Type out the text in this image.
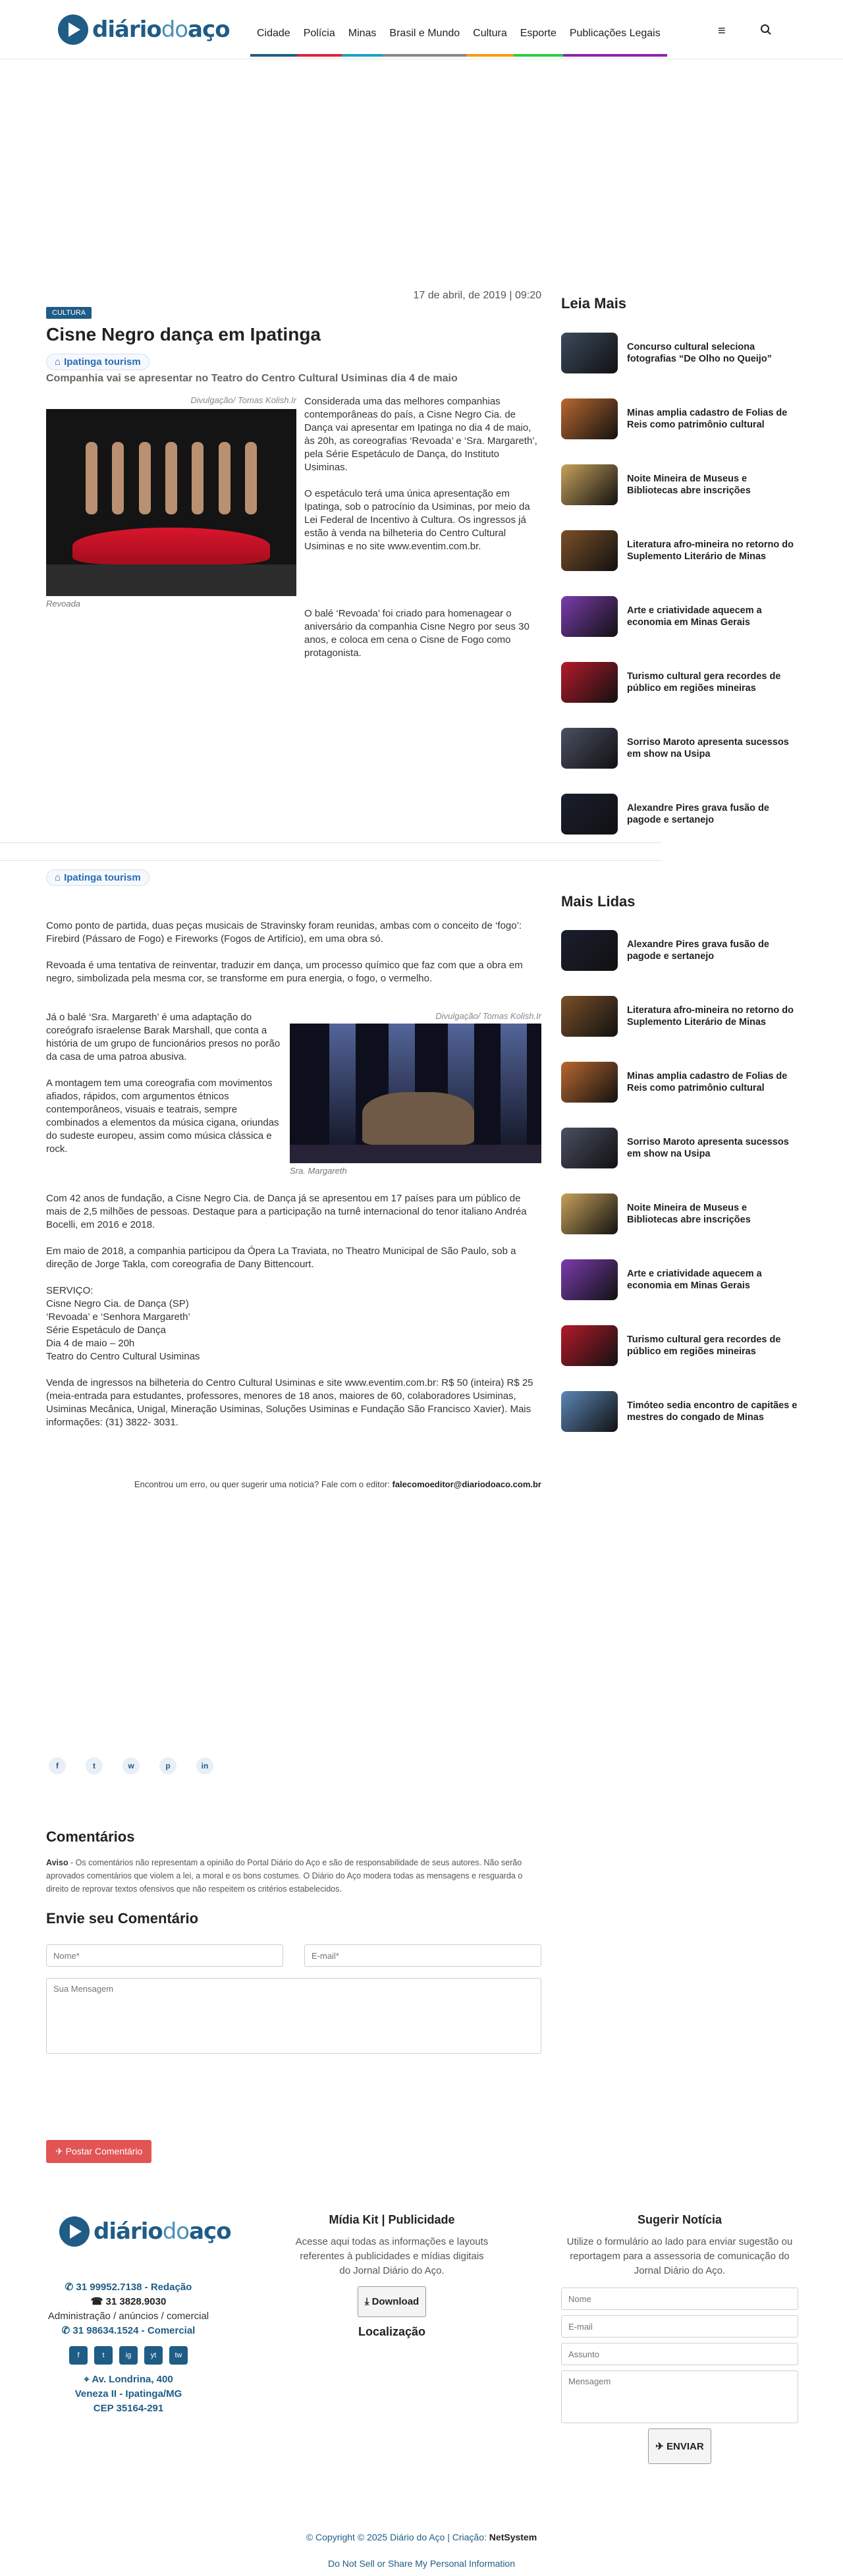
diáriodoaço	Cidade	Polícia	Minas	Brasil e Mundo	Cultura	Esporte	Publicações Legais	≡
17 de abril, de 2019 | 09:20
CULTURA
Cisne Negro dança em Ipatinga
⌂ Ipatinga tourism
Companhia vai se apresentar no Teatro do Centro Cultural Usiminas dia 4 de maio
Divulgação/ Tomas Kolish.Ir
Revoada

Considerada uma das melhores companhias contemporâneas do país, a Cisne Negro Cia. de Dança vai apresentar em Ipatinga no dia 4 de maio, às 20h, as coreografias ‘Revoada’ e ‘Sra. Margareth’, pela Série Espetáculo de Dança, do Instituto Usiminas.

O espetáculo terá uma única apresentação em Ipatinga, sob o patrocínio da Usiminas, por meio da Lei Federal de Incentivo à Cultura. Os ingressos já estão à venda na bilheteria do Centro Cultural Usiminas e no site www.eventim.com.br.

O balé ‘Revoada’ foi criado para homenagear o aniversário da companhia Cisne Negro por seus 30 anos, e coloca em cena o Cisne de Fogo como protagonista.

⌂ Ipatinga tourism

Como ponto de partida, duas peças musicais de Stravinsky foram reunidas, ambas com o conceito de ‘fogo’: Firebird (Pássaro de Fogo) e Fireworks (Fogos de Artifício), em uma obra só.

Revoada é uma tentativa de reinventar, traduzir em dança, um processo químico que faz com que a obra em negro, simbolizada pela mesma cor, se transforme em pura energia, o fogo, o vermelho.

Já o balé ‘Sra. Margareth’ é uma adaptação do coreógrafo israelense Barak Marshall, que conta a história de um grupo de funcionários presos no porão da casa de uma patroa abusiva.

A montagem tem uma coreografia com movimentos afiados, rápidos, com argumentos étnicos contemporâneos, visuais e teatrais, sempre combinados a elementos da música cigana, oriundas do sudeste europeu, assim como música clássica e rock.

Divulgação/ Tomas Kolish.Ir
Sra. Margareth

Com 42 anos de fundação, a Cisne Negro Cia. de Dança já se apresentou em 17 países para um público de mais de 2,5 milhões de pessoas. Destaque para a participação na turnê internacional do tenor italiano Andréa Bocelli, em 2016 e 2018.

Em maio de 2018, a companhia participou da Ópera La Traviata, no Theatro Municipal de São Paulo, sob a direção de Jorge Takla, com coreografia de Dany Bittencourt.

SERVIÇO:
Cisne Negro Cia. de Dança (SP)
‘Revoada’ e ‘Senhora Margareth’
Série Espetáculo de Dança
Dia 4 de maio – 20h
Teatro do Centro Cultural Usiminas

Venda de ingressos na bilheteria do Centro Cultural Usiminas e site www.eventim.com.br: R$ 50 (inteira) R$ 25 (meia-entrada para estudantes, professores, menores de 18 anos, maiores de 60, colaboradores Usiminas, Usiminas Mecânica, Unigal, Mineração Usiminas, Soluções Usiminas e Fundação São Francisco Xavier). Mais informações: (31) 3822- 3031.

Encontrou um erro, ou quer sugerir uma notícia? Fale com o editor: falecomoeditor@diariodoaco.com.br
f	t	w	p	in
Comentários
Aviso - Os comentários não representam a opinião do Portal Diário do Aço e são de responsabilidade de seus autores. Não serão aprovados comentários que violem a lei, a moral e os bons costumes. O Diário do Aço modera todas as mensagens e resguarda o direito de reprovar textos ofensivos que não respeitem os critérios estabelecidos.
Envie seu Comentário
Nome*
E-mail*
Sua Mensagem
✈ Postar Comentário
Leia Mais
Concurso cultural seleciona fotografias “De Olho no Queijo”
Minas amplia cadastro de Folias de Reis como patrimônio cultural
Noite Mineira de Museus e Bibliotecas abre inscrições
Literatura afro-mineira no retorno do Suplemento Literário de Minas
Arte e criatividade aquecem a economia em Minas Gerais
Turismo cultural gera recordes de público em regiões mineiras
Sorriso Maroto apresenta sucessos em show na Usipa
Alexandre Pires grava fusão de pagode e sertanejo
Mais Lidas
Alexandre Pires grava fusão de pagode e sertanejo
Literatura afro-mineira no retorno do Suplemento Literário de Minas
Minas amplia cadastro de Folias de Reis como patrimônio cultural
Sorriso Maroto apresenta sucessos em show na Usipa
Noite Mineira de Museus e Bibliotecas abre inscrições
Arte e criatividade aquecem a economia em Minas Gerais
Turismo cultural gera recordes de público em regiões mineiras
Timóteo sedia encontro de capitães e mestres do congado de Minas
diáriodoaço
✆ 31 99952.7138 - Redação
☎ 31 3828.9030
Administração / anúncios / comercial
✆ 31 98634.1524 - Comercial
f	t	ig	yt	tw
⌖ Av. Londrina, 400
Veneza II - Ipatinga/MG
CEP 35164-291
Mídia Kit | Publicidade
Acesse aqui todas as informações e layouts referentes à publicidades e mídias digitais do Jornal Diário do Aço.
⤓ Download
Localização
Sugerir Notícia
Utilize o formulário ao lado para enviar sugestão ou reportagem para a assessoria de comunicação do Jornal Diário do Aço.
Nome
E-mail
Assunto
Mensagem
✈ ENVIAR
© Copyright © 2025 Diário do Aço | Criação: NetSystem
Do Not Sell or Share My Personal Information
